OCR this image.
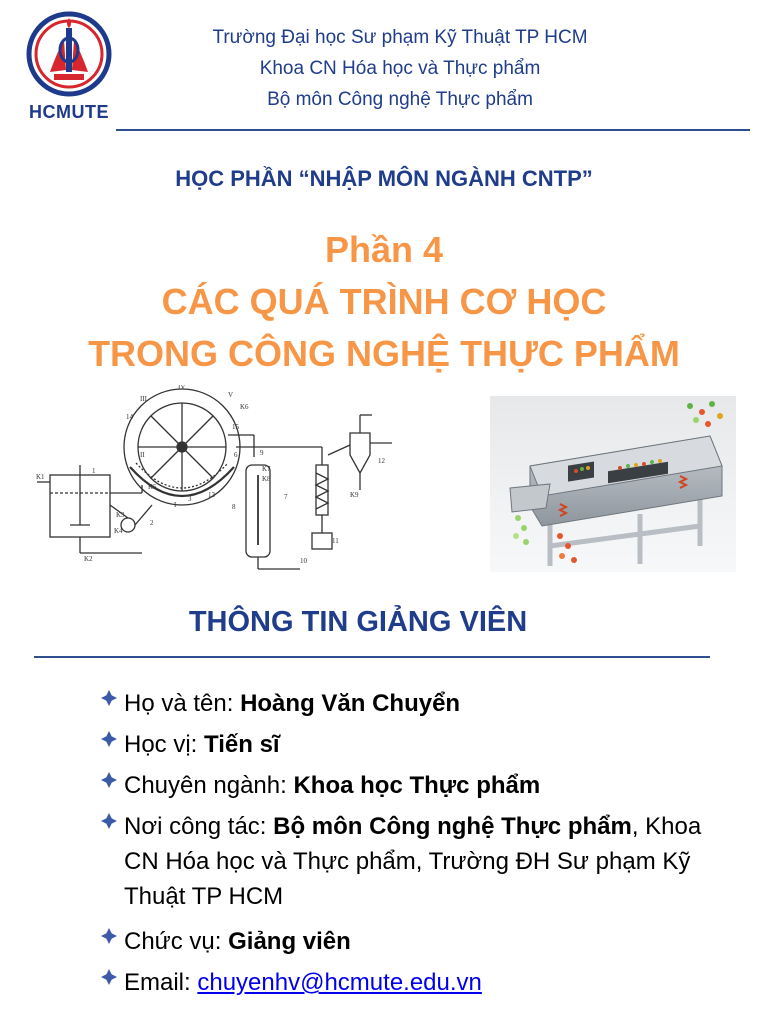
HCMUTE
Trường Đại học Sư phạm Kỹ Thuật TP HCM
Khoa CN Hóa học và Thực phẩm
Bộ môn Công nghệ Thực phẩm
HỌC PHẦN “NHẬP MÔN NGÀNH CNTP”
Phần 4
CÁC QUÁ TRÌNH CƠ HỌC
TRONG CÔNG NGHỆ THỰC PHẨM
III
IV
V
14
1
2
3 13
15
6	9
8
7
10
11
12
K1
K2
K3
K4
K5
K6
K7
K8
K9
II
I
THÔNG TIN GIẢNG VIÊN
Họ và tên: Hoàng Văn Chuyển
Học vị: Tiến sĩ
Chuyên ngành: Khoa học Thực phẩm
Nơi công tác: Bộ môn Công nghệ Thực phẩm, Khoa CN Hóa học và Thực phẩm, Trường ĐH Sư phạm Kỹ Thuật TP HCM
Chức vụ: Giảng viên
Email: chuyenhv@hcmute.edu.vn
